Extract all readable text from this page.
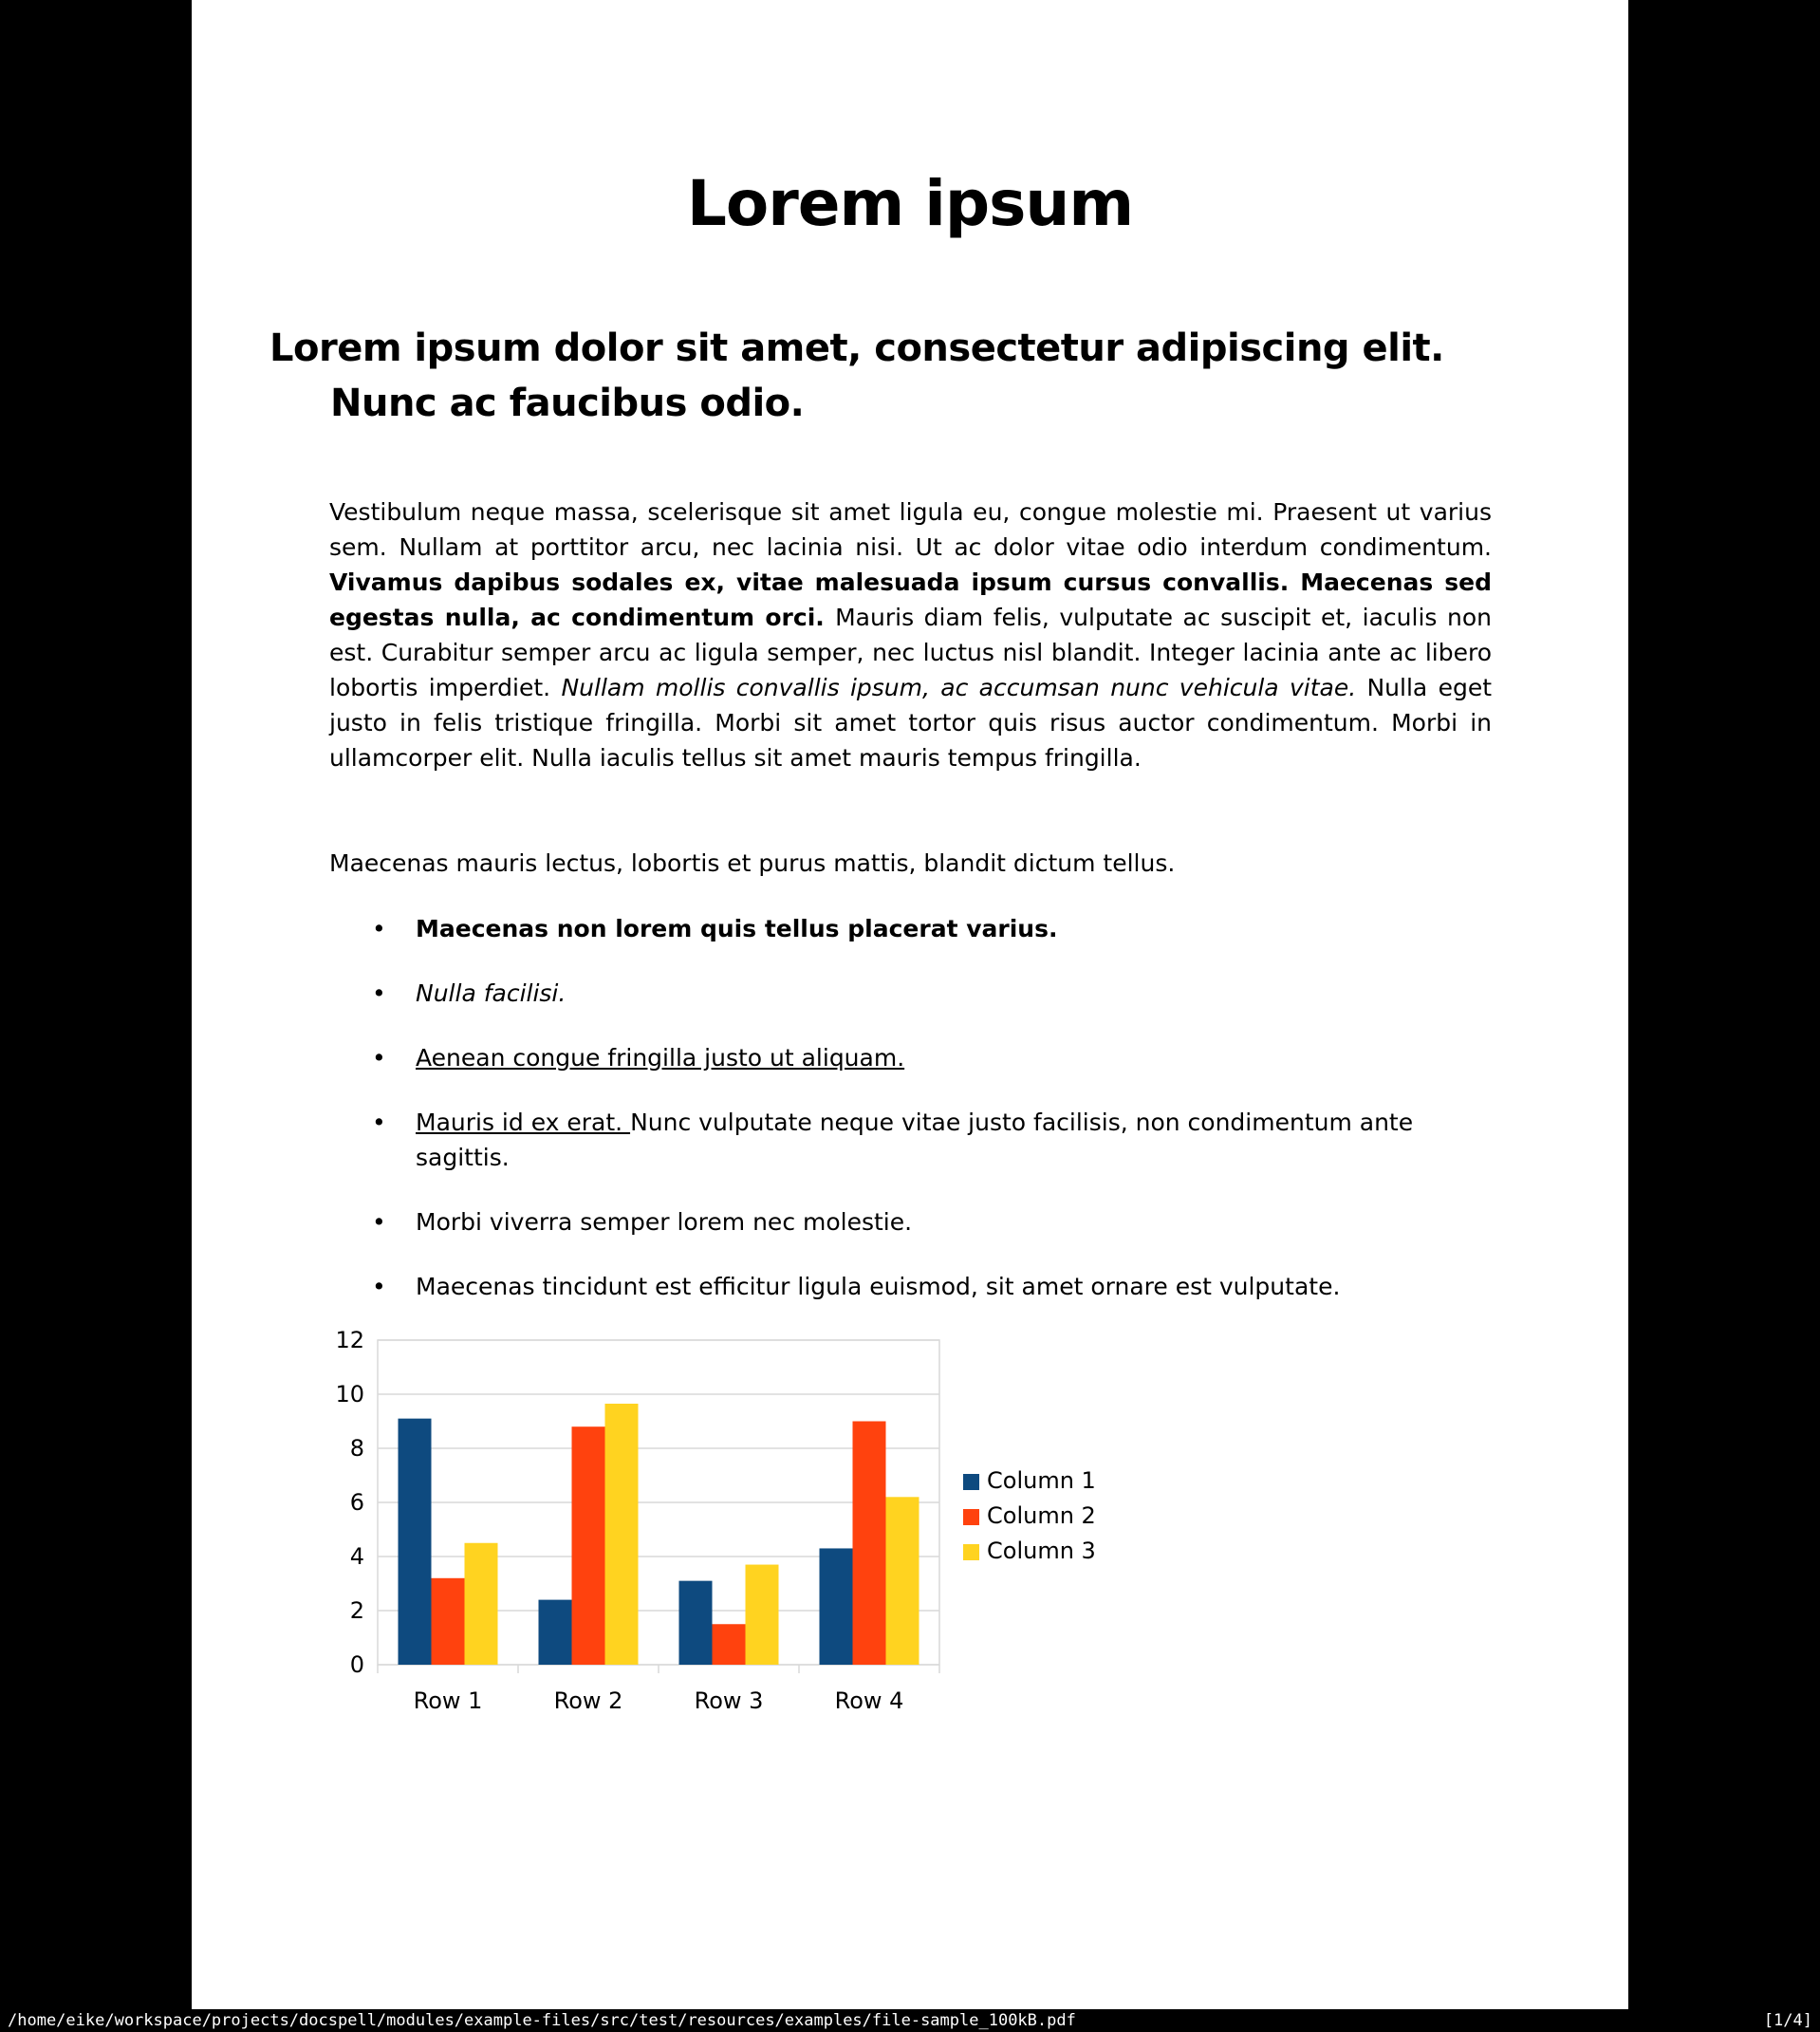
Lorem ipsum
Lorem ipsum dolor sit amet, consectetur adipiscing elit.
Nunc ac faucibus odio.

Vestibulum neque massa, scelerisque sit amet ligula eu, congue molestie mi. Praesent ut varius sem. Nullam at porttitor arcu, nec lacinia nisi. Ut ac dolor vitae odio interdum condimentum. Vivamus dapibus sodales ex, vitae malesuada ipsum cursus convallis. Maecenas sed egestas nulla, ac condimentum orci. Mauris diam felis, vulputate ac suscipit et, iaculis non est. Curabitur semper arcu ac ligula semper, nec luctus nisl blandit. Integer lacinia ante ac libero lobortis imperdiet. Nullam mollis convallis ipsum, ac accumsan nunc vehicula vitae. Nulla eget justo in felis tristique fringilla. Morbi sit amet tortor quis risus auctor condimentum. Morbi in ullamcorper elit. Nulla iaculis tellus sit amet mauris tempus fringilla.

Maecenas mauris lectus, lobortis et purus mattis, blandit dictum tellus.

• Maecenas non lorem quis tellus placerat varius.
• Nulla facilisi.
• Aenean congue fringilla justo ut aliquam.
• Mauris id ex erat. Nunc vulputate neque vitae justo facilisis, non condimentum ante sagittis.
• Morbi viverra semper lorem nec molestie.
• Maecenas tincidunt est efficitur ligula euismod, sit amet ornare est vulputate.
0
2
4
6
8
10
12
Row 1	Row 2	Row 3	Row 4
Column 1
Column 2
Column 3
/home/eike/workspace/projects/docspell/modules/example-files/src/test/resources/examples/file-sample_100kB.pdf	[1/4]
